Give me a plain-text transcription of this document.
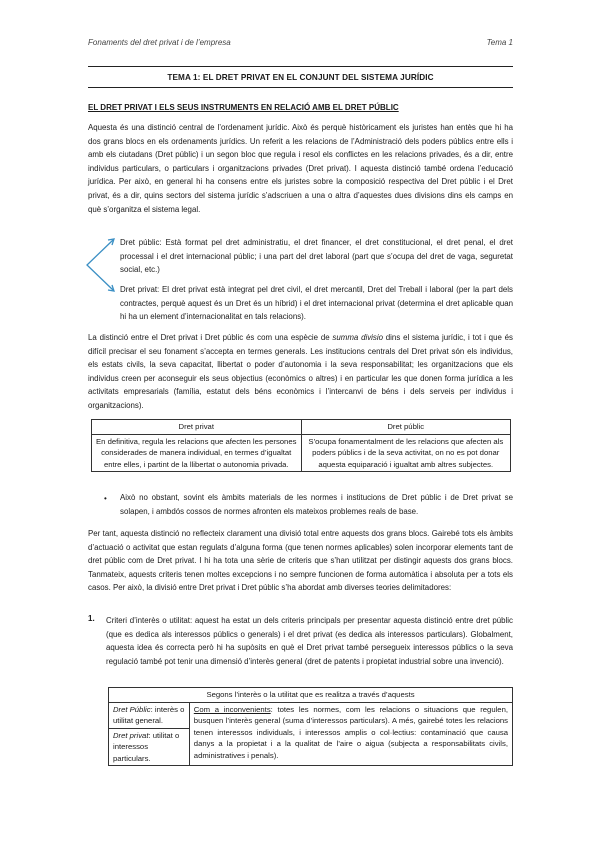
Fonaments del dret privat i de l’empresa	Tema 1
TEMA 1: EL DRET PRIVAT EN EL CONJUNT DEL SISTEMA JURÍDIC
EL DRET PRIVAT I ELS SEUS INSTRUMENTS EN RELACIÓ AMB EL DRET PÚBLIC
Aquesta és una distinció central de l’ordenament jurídic. Això és perquè històricament els juristes han entès que hi ha dos grans blocs en els ordenaments jurídics. Un referit a les relacions de l’Administració dels poders públics entre ells i amb els ciutadans (Dret públic) i un segon bloc que regula i resol els conflictes en les relacions privades, és a dir, entre individus particulars, o particulars i organitzacions privades (Dret privat). I aquesta distinció també ordena l’educació jurídica. Per això, en general hi ha consens entre els juristes sobre la composició respectiva del Dret públic i el Dret privat, és a dir, quins sectors del sistema jurídic s’adscriuen a una o altra d’aquestes dues divisions dins els camps en què s’organitza el sistema legal.
Dret públic: Està format pel dret administratiu, el dret financer, el dret constitucional, el dret penal, el dret processal i el dret internacional públic; i una part del dret laboral (part que s’ocupa del dret de vaga, seguretat social, etc.)
Dret privat: El dret privat està integrat pel dret civil, el dret mercantil, Dret del Treball i laboral (per la part dels contractes, perquè aquest és un Dret és un híbrid) i el dret internacional privat (determina el dret aplicable quan hi ha un element d’internacionalitat en tals relacions).
La distinció entre el Dret privat i Dret públic és com una espècie de summa divisio dins el sistema jurídic, i tot i que és difícil precisar el seu fonament s’accepta en termes generals. Les institucions centrals del Dret privat són els individus, els estats civils, la seva capacitat, llibertat o poder d’autonomia i la seva responsabilitat; les organitzacions que els individus creen per aconseguir els seus objectius (econòmics o altres) i en particular les que donen forma jurídica a les activitats empresarials (família, estatut dels béns econòmics i l’intercanvi de béns i dels serveis per individus i organitzacions).
Dret privat	Dret públic
En definitiva, regula les relacions que afecten les persones considerades de manera individual, en termes d’igualtat entre elles, i partint de la llibertat o autonomia privada.	S’ocupa fonamentalment de les relacions que afecten als poders públics i de la seva activitat, on no es pot donar aquesta equiparació i igualtat amb altres subjectes.
• Això no obstant, sovint els àmbits materials de les normes i institucions de Dret públic i de Dret privat se solapen, i ambdós cossos de normes afronten els mateixos problemes reals de base.
Per tant, aquesta distinció no reflecteix clarament una divisió total entre aquests dos grans blocs. Gairebé tots els àmbits d’actuació o activitat que estan regulats d’alguna forma (que tenen normes aplicables) solen incorporar elements tant de dret públic com de Dret privat. I hi ha tota una sèrie de criteris que s’han utilitzat per distingir aquests dos grans blocs. Tanmateix, aquests criteris tenen moltes excepcions i no sempre funcionen de forma automàtica i absoluta per a tots els casos. Per això, la divisió entre Dret privat i Dret públic s’ha abordat amb diverses teories delimitadores:
1. Criteri d’interès o utilitat: aquest ha estat un dels criteris principals per presentar aquesta distinció entre dret públic (que es dedica als interessos públics o generals) i el dret privat (es dedica als interessos particulars). Globalment, aquesta idea és correcta però hi ha supòsits en què el Dret privat també persegueix interessos públics o la seva regulació també pot tenir una dimensió d’interès general (dret de patents i propietat industrial sobre una invenció).
Segons l’interès o la utilitat que es realitza a través d’aquests
Dret Públic: interès o utilitat general.	Com a inconvenients: totes les normes, com les relacions o situacions que regulen, busquen l’interès general (suma d’interessos particulars). A més, gairebé totes les relacions tenen interessos individuals, i interessos amplis o col·lectius: contaminació que causa danys a la propietat i a la qualitat de l’aire o aigua (subjecta a responsabilitats civils, administratives i penals).
Dret privat: utilitat o interessos particulars.
